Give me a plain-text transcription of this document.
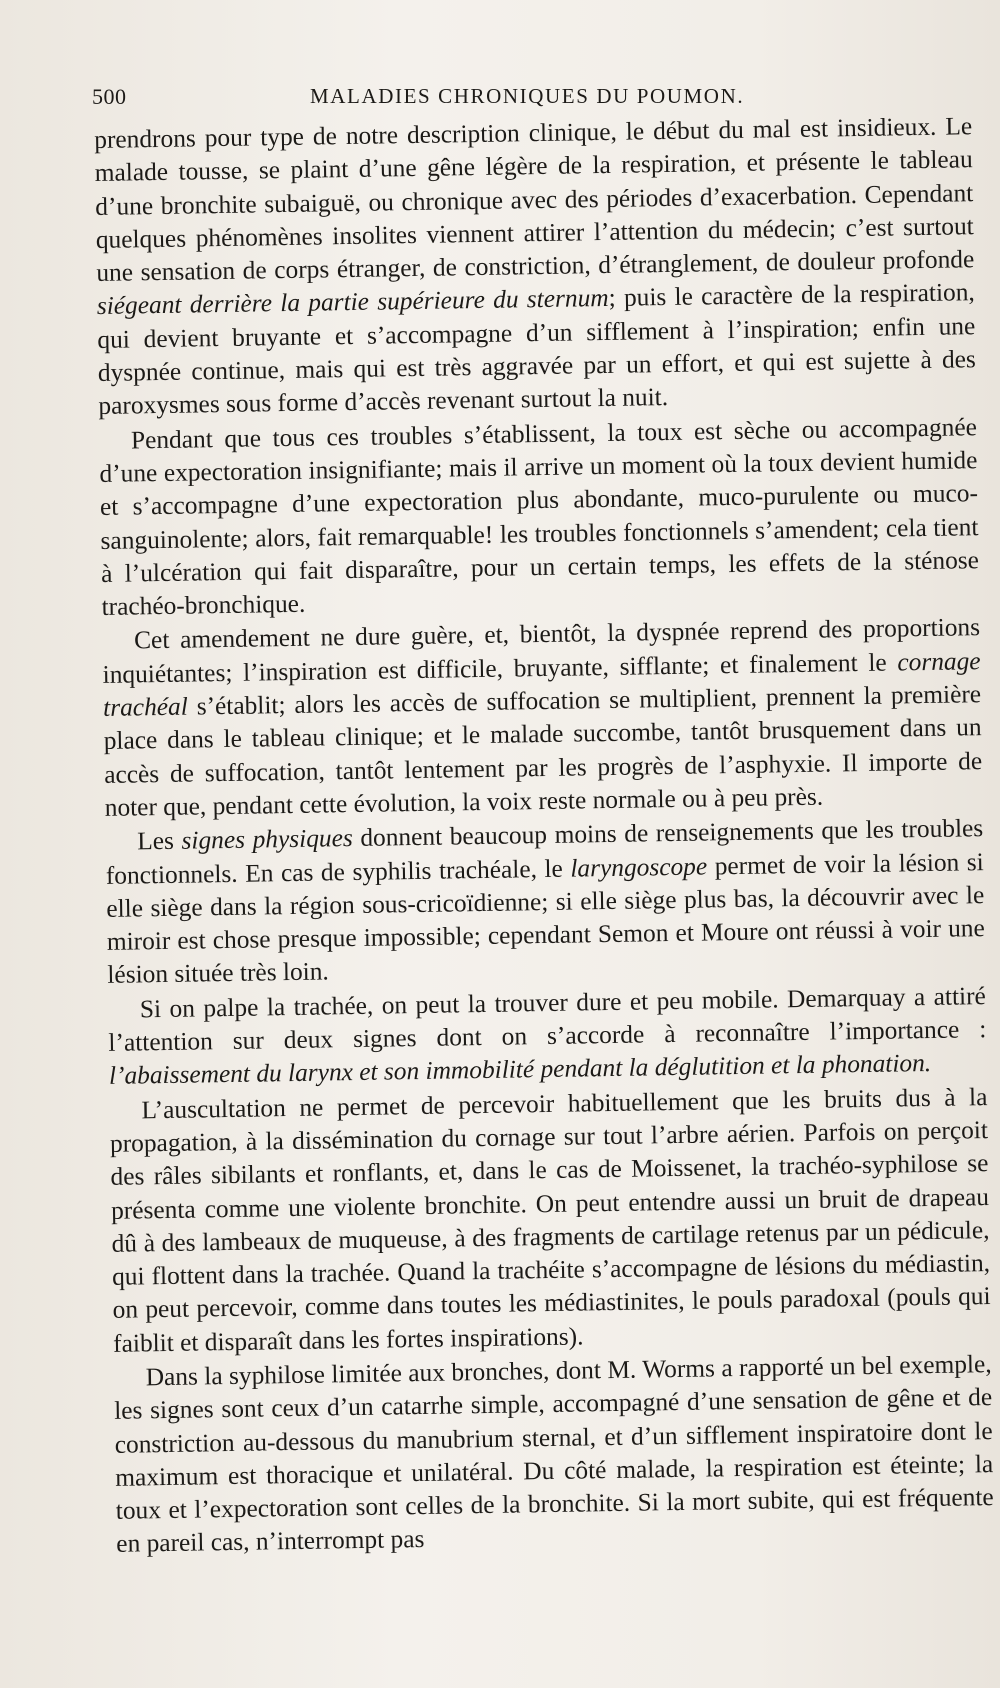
500	MALADIES CHRONIQUES DU POUMON.

prendrons pour type de notre description clinique, le début du mal est insidieux. Le malade tousse, se plaint d’une gêne légère de la respiration, et présente le tableau d’une bronchite subaiguë, ou chronique avec des périodes d’exacerbation. Cependant quelques phénomènes insolites viennent attirer l’attention du médecin; c’est surtout une sensation de corps étranger, de constriction, d’étranglement, de douleur profonde siégeant derrière la partie supérieure du sternum; puis le caractère de la respiration, qui devient bruyante et s’accompagne d’un sifflement à l’inspiration; enfin une dyspnée continue, mais qui est très aggravée par un effort, et qui est sujette à des paroxysmes sous forme d’accès revenant surtout la nuit.

Pendant que tous ces troubles s’établissent, la toux est sèche ou accompagnée d’une expectoration insignifiante; mais il arrive un moment où la toux devient humide et s’accompagne d’une expectoration plus abondante, muco-purulente ou muco-sanguinolente; alors, fait remarquable! les troubles fonctionnels s’amendent; cela tient à l’ulcération qui fait disparaître, pour un certain temps, les effets de la sténose trachéo-bronchique.

Cet amendement ne dure guère, et, bientôt, la dyspnée reprend des proportions inquiétantes; l’inspiration est difficile, bruyante, sifflante; et finalement le cornage trachéal s’établit; alors les accès de suffocation se multiplient, prennent la première place dans le tableau clinique; et le malade succombe, tantôt brusquement dans un accès de suffocation, tantôt lentement par les progrès de l’asphyxie. Il importe de noter que, pendant cette évolution, la voix reste normale ou à peu près.

Les signes physiques donnent beaucoup moins de renseignements que les troubles fonctionnels. En cas de syphilis trachéale, le laryngoscope permet de voir la lésion si elle siège dans la région sous-cricoïdienne; si elle siège plus bas, la découvrir avec le miroir est chose presque impossible; cependant Semon et Moure ont réussi à voir une lésion située très loin.

Si on palpe la trachée, on peut la trouver dure et peu mobile. Demarquay a attiré l’attention sur deux signes dont on s’accorde à reconnaître l’importance : l’abaissement du larynx et son immobilité pendant la déglutition et la phonation.

L’auscultation ne permet de percevoir habituellement que les bruits dus à la propagation, à la dissémination du cornage sur tout l’arbre aérien. Parfois on perçoit des râles sibilants et ronflants, et, dans le cas de Moissenet, la trachéo-syphilose se présenta comme une violente bronchite. On peut entendre aussi un bruit de drapeau dû à des lambeaux de muqueuse, à des fragments de cartilage retenus par un pédicule, qui flottent dans la trachée. Quand la trachéite s’accompagne de lésions du médiastin, on peut percevoir, comme dans toutes les médiastinites, le pouls paradoxal (pouls qui faiblit et disparaît dans les fortes inspirations).

Dans la syphilose limitée aux bronches, dont M. Worms a rapporté un bel exemple, les signes sont ceux d’un catarrhe simple, accompagné d’une sensation de gêne et de constriction au-dessous du manubrium sternal, et d’un sifflement inspiratoire dont le maximum est thoracique et unilatéral. Du côté malade, la respiration est éteinte; la toux et l’expectoration sont celles de la bronchite. Si la mort subite, qui est fréquente en pareil cas, n’interrompt pas
